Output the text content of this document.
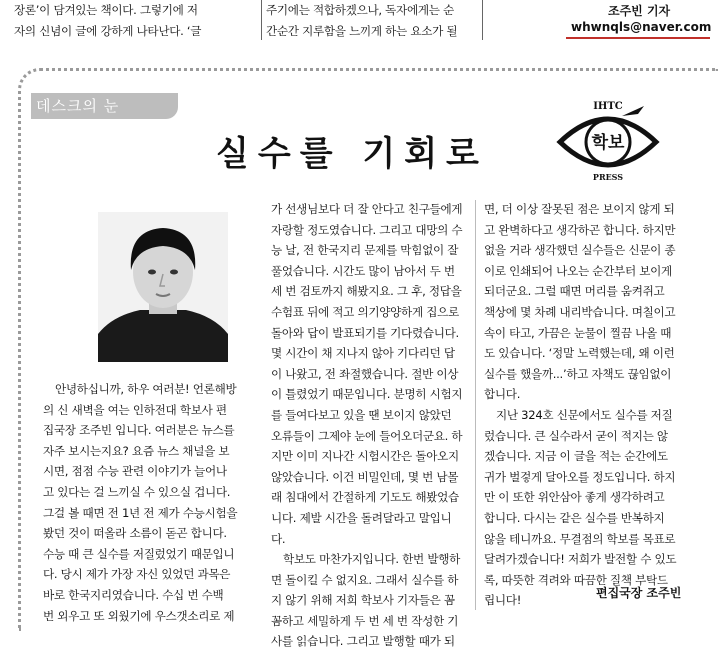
장론’이 담겨있는 책이다. 그렇기에 저
자의 신념이 글에 강하게 나타난다. ‘글
주기에는 적합하겠으나, 독자에게는 순
간순간 지루함을 느끼게 하는 요소가 될
조주빈 기자
whwnqls@naver.com
데스크의 눈
실수를 기회로
IHTC
학보
PRESS
안녕하십니까, 하우 여러분! 언론해방
의 신 새벽을 여는 인하전대 학보사 편
집국장 조주빈 입니다. 여러분은 뉴스를
자주 보시는지요? 요즘 뉴스 채널을 보
시면, 점점 수능 관련 이야기가 늘어나
고 있다는 걸 느끼실 수 있으실 겁니다.
그걸 볼 때면 전 1년 전 제가 수능시험을
봤던 것이 떠올라 소름이 돋곤 합니다.
수능 때 큰 실수를 저질렀었기 때문입니
다. 당시 제가 가장 자신 있었던 과목은
바로 한국지리였습니다. 수십 번 수백
번 외우고 또 외웠기에 우스갯소리로 제
가 선생님보다 더 잘 안다고 친구들에게
자랑할 정도였습니다. 그리고 대망의 수
능 날, 전 한국지리 문제를 막힘없이 잘
풀었습니다. 시간도 많이 남아서 두 번
세 번 검토까지 해봤지요. 그 후, 정답을
수험표 뒤에 적고 의기양양하게 집으로
돌아와 답이 발표되기를 기다렸습니다.
몇 시간이 채 지나지 않아 기다리던 답
이 나왔고, 전 좌절했습니다. 절반 이상
이 틀렸었기 때문입니다. 분명히 시험지
를 들여다보고 있을 땐 보이지 않았던
오류들이 그제야 눈에 들어오더군요. 하
지만 이미 지나간 시험시간은 돌아오지
않았습니다. 이건 비밀인데, 몇 번 남몰
래 침대에서 간절하게 기도도 해봤었습
니다. 제발 시간을 돌려달라고 말입니
다.
학보도 마찬가지입니다. 한번 발행하
면 돌이킬 수 없지요. 그래서 실수를 하
지 않기 위해 저희 학보사 기자들은 꼼
꼼하고 세밀하게 두 번 세 번 작성한 기
사를 읽습니다. 그리고 발행할 때가 되
면, 더 이상 잘못된 점은 보이지 않게 되
고 완벽하다고 생각하곤 합니다. 하지만
없을 거라 생각했던 실수들은 신문이 종
이로 인쇄되어 나오는 순간부터 보이게
되더군요. 그럴 때면 머리를 움켜쥐고
책상에 몇 차례 내리박습니다. 며칠이고
속이 타고, 가끔은 눈물이 찔끔 나올 때
도 있습니다. ‘정말 노력했는데, 왜 이런
실수를 했을까...’하고 자책도 끊임없이
합니다.
지난 324호 신문에서도 실수를 저질
렀습니다. 큰 실수라서 굳이 적지는 않
겠습니다. 지금 이 글을 적는 순간에도
귀가 벌겋게 달아오를 정도입니다. 하지
만 이 또한 위안삼아 좋게 생각하려고
합니다. 다시는 같은 실수를 반복하지
않을 테니까요. 무결점의 학보를 목표로
달려가겠습니다! 저희가 발전할 수 있도
록, 따뜻한 격려와 따끔한 질책 부탁드
립니다!
편집국장 조주빈
